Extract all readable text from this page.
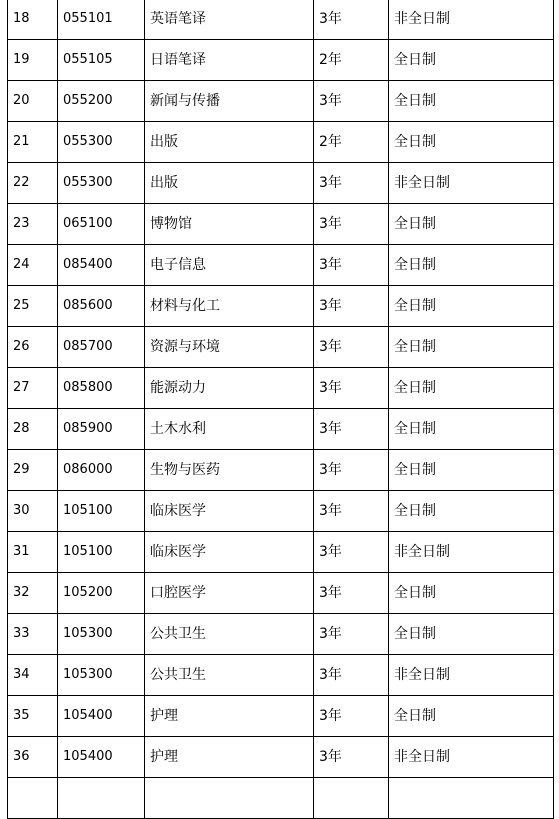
18	055101	英语笔译	3年	非全日制
19	055105	日语笔译	2年	全日制
20	055200	新闻与传播	3年	全日制
21	055300	出版	2年	全日制
22	055300	出版	3年	非全日制
23	065100	博物馆	3年	全日制
24	085400	电子信息	3年	全日制
25	085600	材料与化工	3年	全日制
26	085700	资源与环境	3年	全日制
27	085800	能源动力	3年	全日制
28	085900	土木水利	3年	全日制
29	086000	生物与医药	3年	全日制
30	105100	临床医学	3年	全日制
31	105100	临床医学	3年	非全日制
32	105200	口腔医学	3年	全日制
33	105300	公共卫生	3年	全日制
34	105300	公共卫生	3年	非全日制
35	105400	护理	3年	全日制
36	105400	护理	3年	非全日制
